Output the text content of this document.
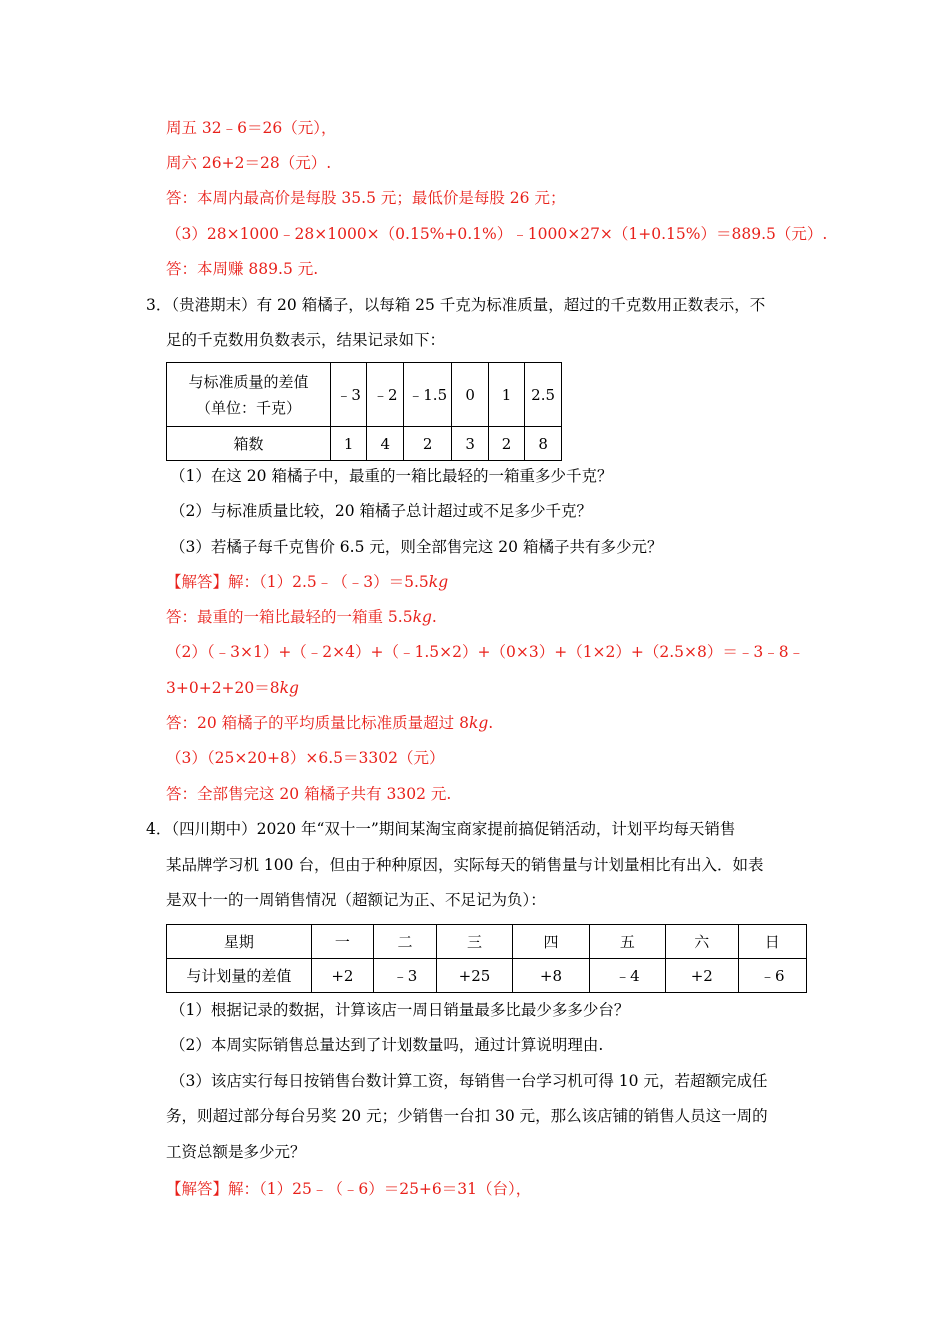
周五 32﹣6＝26（元），
周六 26+2＝28（元）.
答：本周内最高价是每股 35.5 元；最低价是每股 26 元；
（3）28×1000﹣28×1000×（0.15%+0.1%）﹣1000×27×（1+0.15%）＝889.5（元）.
答：本周赚 889.5 元.
3．（贵港期末）有 20 箱橘子，以每箱 25 千克为标准质量，超过的千克数用正数表示，不
足的千克数用负数表示，结果记录如下：
与标准质量的差值
（单位：千克）	﹣3	﹣2	﹣1.5	0	1	2.5
箱数	1	4	2	3	2	8
（1）在这 20 箱橘子中，最重的一箱比最轻的一箱重多少千克？
（2）与标准质量比较，20 箱橘子总计超过或不足多少千克？
（3）若橘子每千克售价 6.5 元，则全部售完这 20 箱橘子共有多少元？
【解答】解：（1）2.5﹣（﹣3）＝5.5kg
答：最重的一箱比最轻的一箱重 5.5kg.
（2）（﹣3×1）+（﹣2×4）+（﹣1.5×2）+（0×3）+（1×2）+（2.5×8）＝﹣3﹣8﹣
3+0+2+20＝8kg
答：20 箱橘子的平均质量比标准质量超过 8kg.
（3）（25×20+8）×6.5＝3302（元）
答：全部售完这 20 箱橘子共有 3302 元.
4．（四川期中）2020 年“双十一”期间某淘宝商家提前搞促销活动，计划平均每天销售
某品牌学习机 100 台，但由于种种原因，实际每天的销售量与计划量相比有出入．如表
是双十一的一周销售情况（超额记为正、不足记为负）：
星期	一	二	三	四	五	六	日
与计划量的差值	+2	﹣3	+25	+8	﹣4	+2	﹣6
（1）根据记录的数据，计算该店一周日销量最多比最少多多少台？
（2）本周实际销售总量达到了计划数量吗，通过计算说明理由.
（3）该店实行每日按销售台数计算工资，每销售一台学习机可得 10 元，若超额完成任
务，则超过部分每台另奖 20 元；少销售一台扣 30 元，那么该店铺的销售人员这一周的
工资总额是多少元？
【解答】解：（1）25﹣（﹣6）＝25+6＝31（台），
